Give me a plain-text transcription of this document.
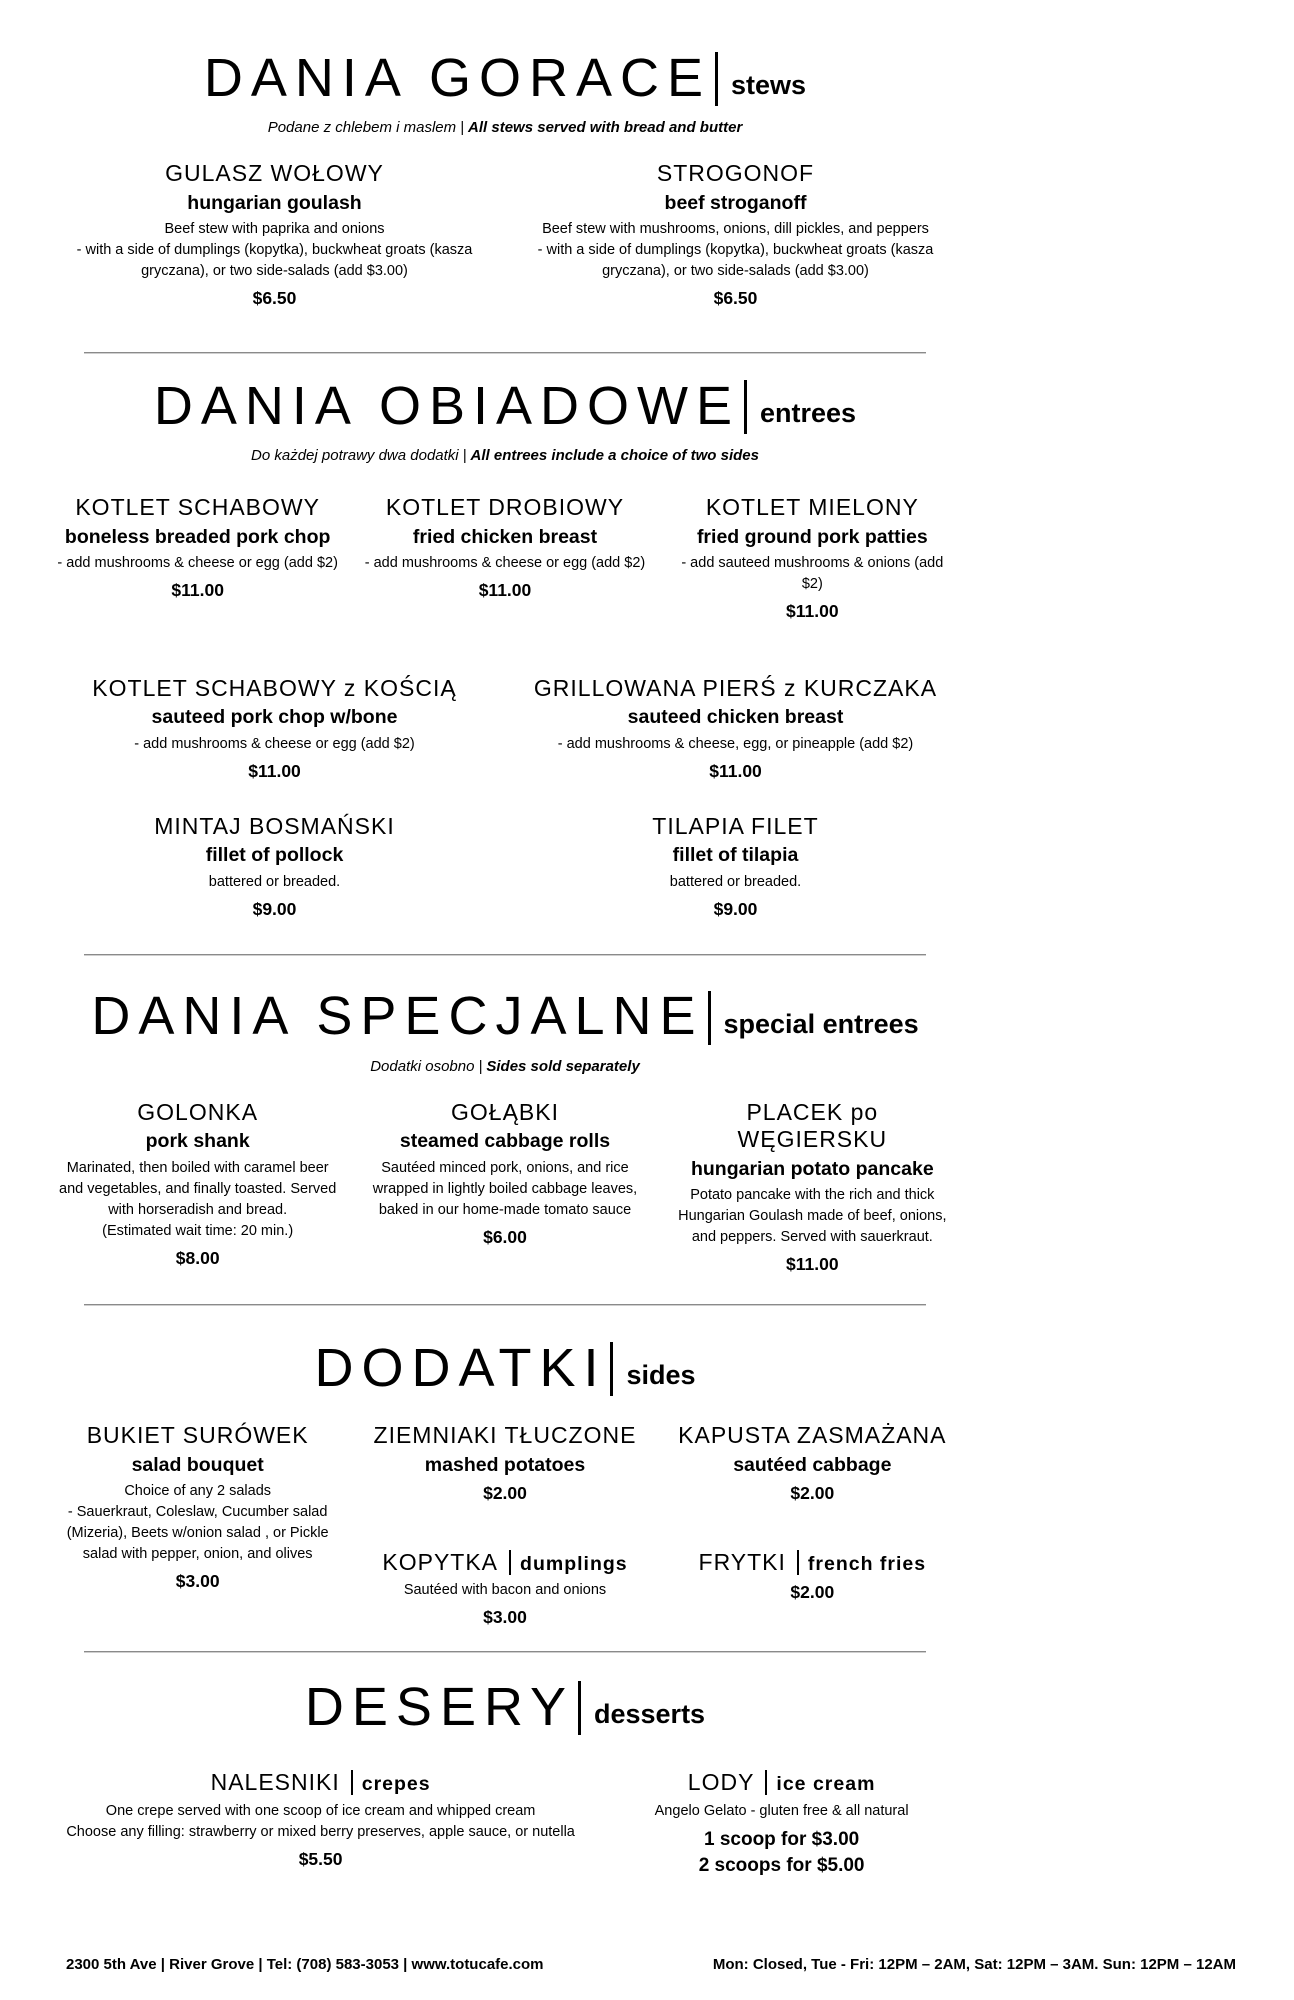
DANIA GORACE stews
Podane z chlebem i maslem | All stews served with bread and butter
GULASZ WOŁOWY
hungarian goulash
Beef stew with paprika and onions
- with a side of dumplings (kopytka), buckwheat groats (kasza gryczana), or two side-salads (add $3.00)
$6.50
STROGONOF
beef stroganoff
Beef stew with mushrooms, onions, dill pickles, and peppers
- with a side of dumplings (kopytka), buckwheat groats (kasza gryczana), or two side-salads (add $3.00)
$6.50
DANIA OBIADOWE entrees
Do każdej potrawy dwa dodatki | All entrees include a choice of two sides
KOTLET SCHABOWY
boneless breaded pork chop
- add mushrooms & cheese or egg (add $2)
$11.00
KOTLET DROBIOWY
fried chicken breast
- add mushrooms & cheese or egg (add $2)
$11.00
KOTLET MIELONY
fried ground pork patties
- add sauteed mushrooms & onions (add $2)
$11.00
KOTLET SCHABOWY z KOŚCIĄ
sauteed pork chop w/bone
- add mushrooms & cheese or egg (add $2)
$11.00
GRILLOWANA PIERŚ z KURCZAKA
sauteed chicken breast
- add mushrooms & cheese, egg, or pineapple (add $2)
$11.00
MINTAJ BOSMAŃSKI
fillet of pollock
battered or breaded.
$9.00
TILAPIA FILET
fillet of tilapia
battered or breaded.
$9.00
DANIA SPECJALNE special entrees
Dodatki osobno | Sides sold separately
GOLONKA
pork shank
Marinated, then boiled with caramel beer and vegetables, and finally toasted. Served with horseradish and bread.
(Estimated wait time: 20 min.)
$8.00
GOŁĄBKI
steamed cabbage rolls
Sautéed minced pork, onions, and rice wrapped in lightly boiled cabbage leaves, baked in our home-made tomato sauce
$6.00
PLACEK po WĘGIERSKU
hungarian potato pancake
Potato pancake with the rich and thick Hungarian Goulash made of beef, onions, and peppers. Served with sauerkraut.
$11.00
DODATKI sides
BUKIET SURÓWEK
salad bouquet
Choice of any 2 salads
- Sauerkraut, Coleslaw, Cucumber salad (Mizeria), Beets w/onion salad , or Pickle salad with pepper, onion, and olives
$3.00
ZIEMNIAKI TŁUCZONE
mashed potatoes
$2.00
KOPYTKA dumplings
Sautéed with bacon and onions
$3.00
KAPUSTA ZASMAŻANA
sautéed cabbage
$2.00
FRYTKI french fries
$2.00
DESERY desserts
NALESNIKI crepes
One crepe served with one scoop of ice cream and whipped cream
Choose any filling: strawberry or mixed berry preserves, apple sauce, or nutella
$5.50
LODY ice cream
Angelo Gelato - gluten free & all natural
1 scoop for $3.00
2 scoops for $5.00
2300 5th Ave | River Grove | Tel: (708) 583-3053 | www.totucafe.com	Mon: Closed, Tue - Fri: 12PM – 2AM, Sat: 12PM – 3AM. Sun: 12PM – 12AM
